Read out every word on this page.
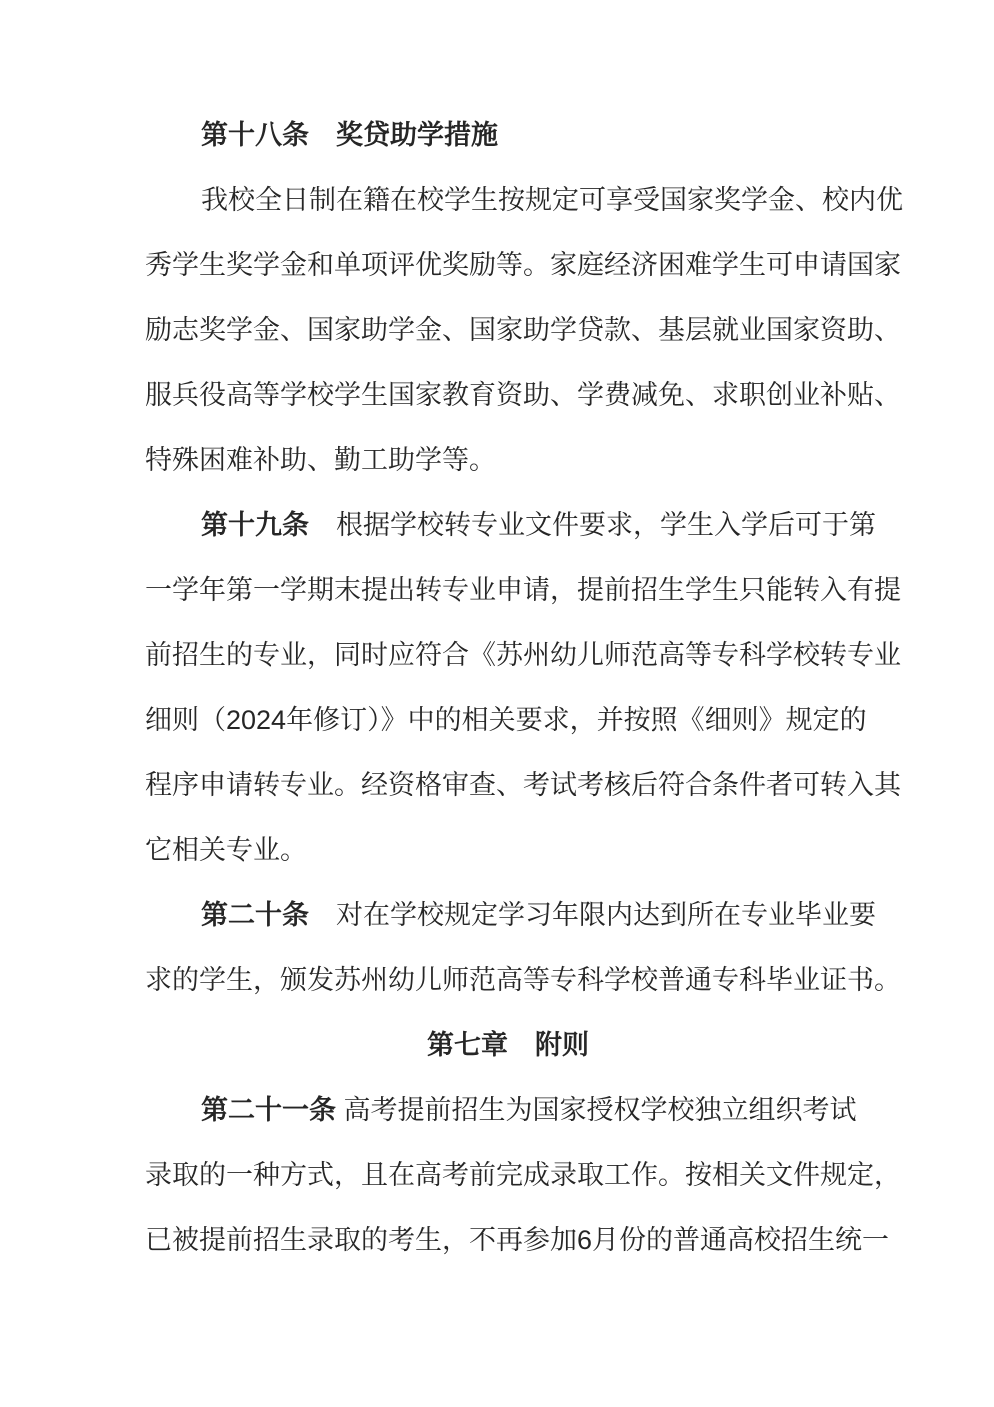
第十八条　奖贷助学措施
我校全日制在籍在校学生按规定可享受国家奖学金、校内优
秀学生奖学金和单项评优奖励等。家庭经济困难学生可申请国家
励志奖学金、国家助学金、国家助学贷款、基层就业国家资助、
服兵役高等学校学生国家教育资助、学费减免、求职创业补贴、
特殊困难补助、勤工助学等。
第十九条　根据学校转专业文件要求，学生入学后可于第
一学年第一学期末提出转专业申请，提前招生学生只能转入有提
前招生的专业，同时应符合《苏州幼儿师范高等专科学校转专业
细则（2024年修订）》中的相关要求，并按照《细则》规定的
程序申请转专业。经资格审查、考试考核后符合条件者可转入其
它相关专业。
第二十条　对在学校规定学习年限内达到所在专业毕业要
求的学生，颁发苏州幼儿师范高等专科学校普通专科毕业证书。
第七章　附则
第二十一条 高考提前招生为国家授权学校独立组织考试
录取的一种方式，且在高考前完成录取工作。按相关文件规定，
已被提前招生录取的考生，不再参加6月份的普通高校招生统一
